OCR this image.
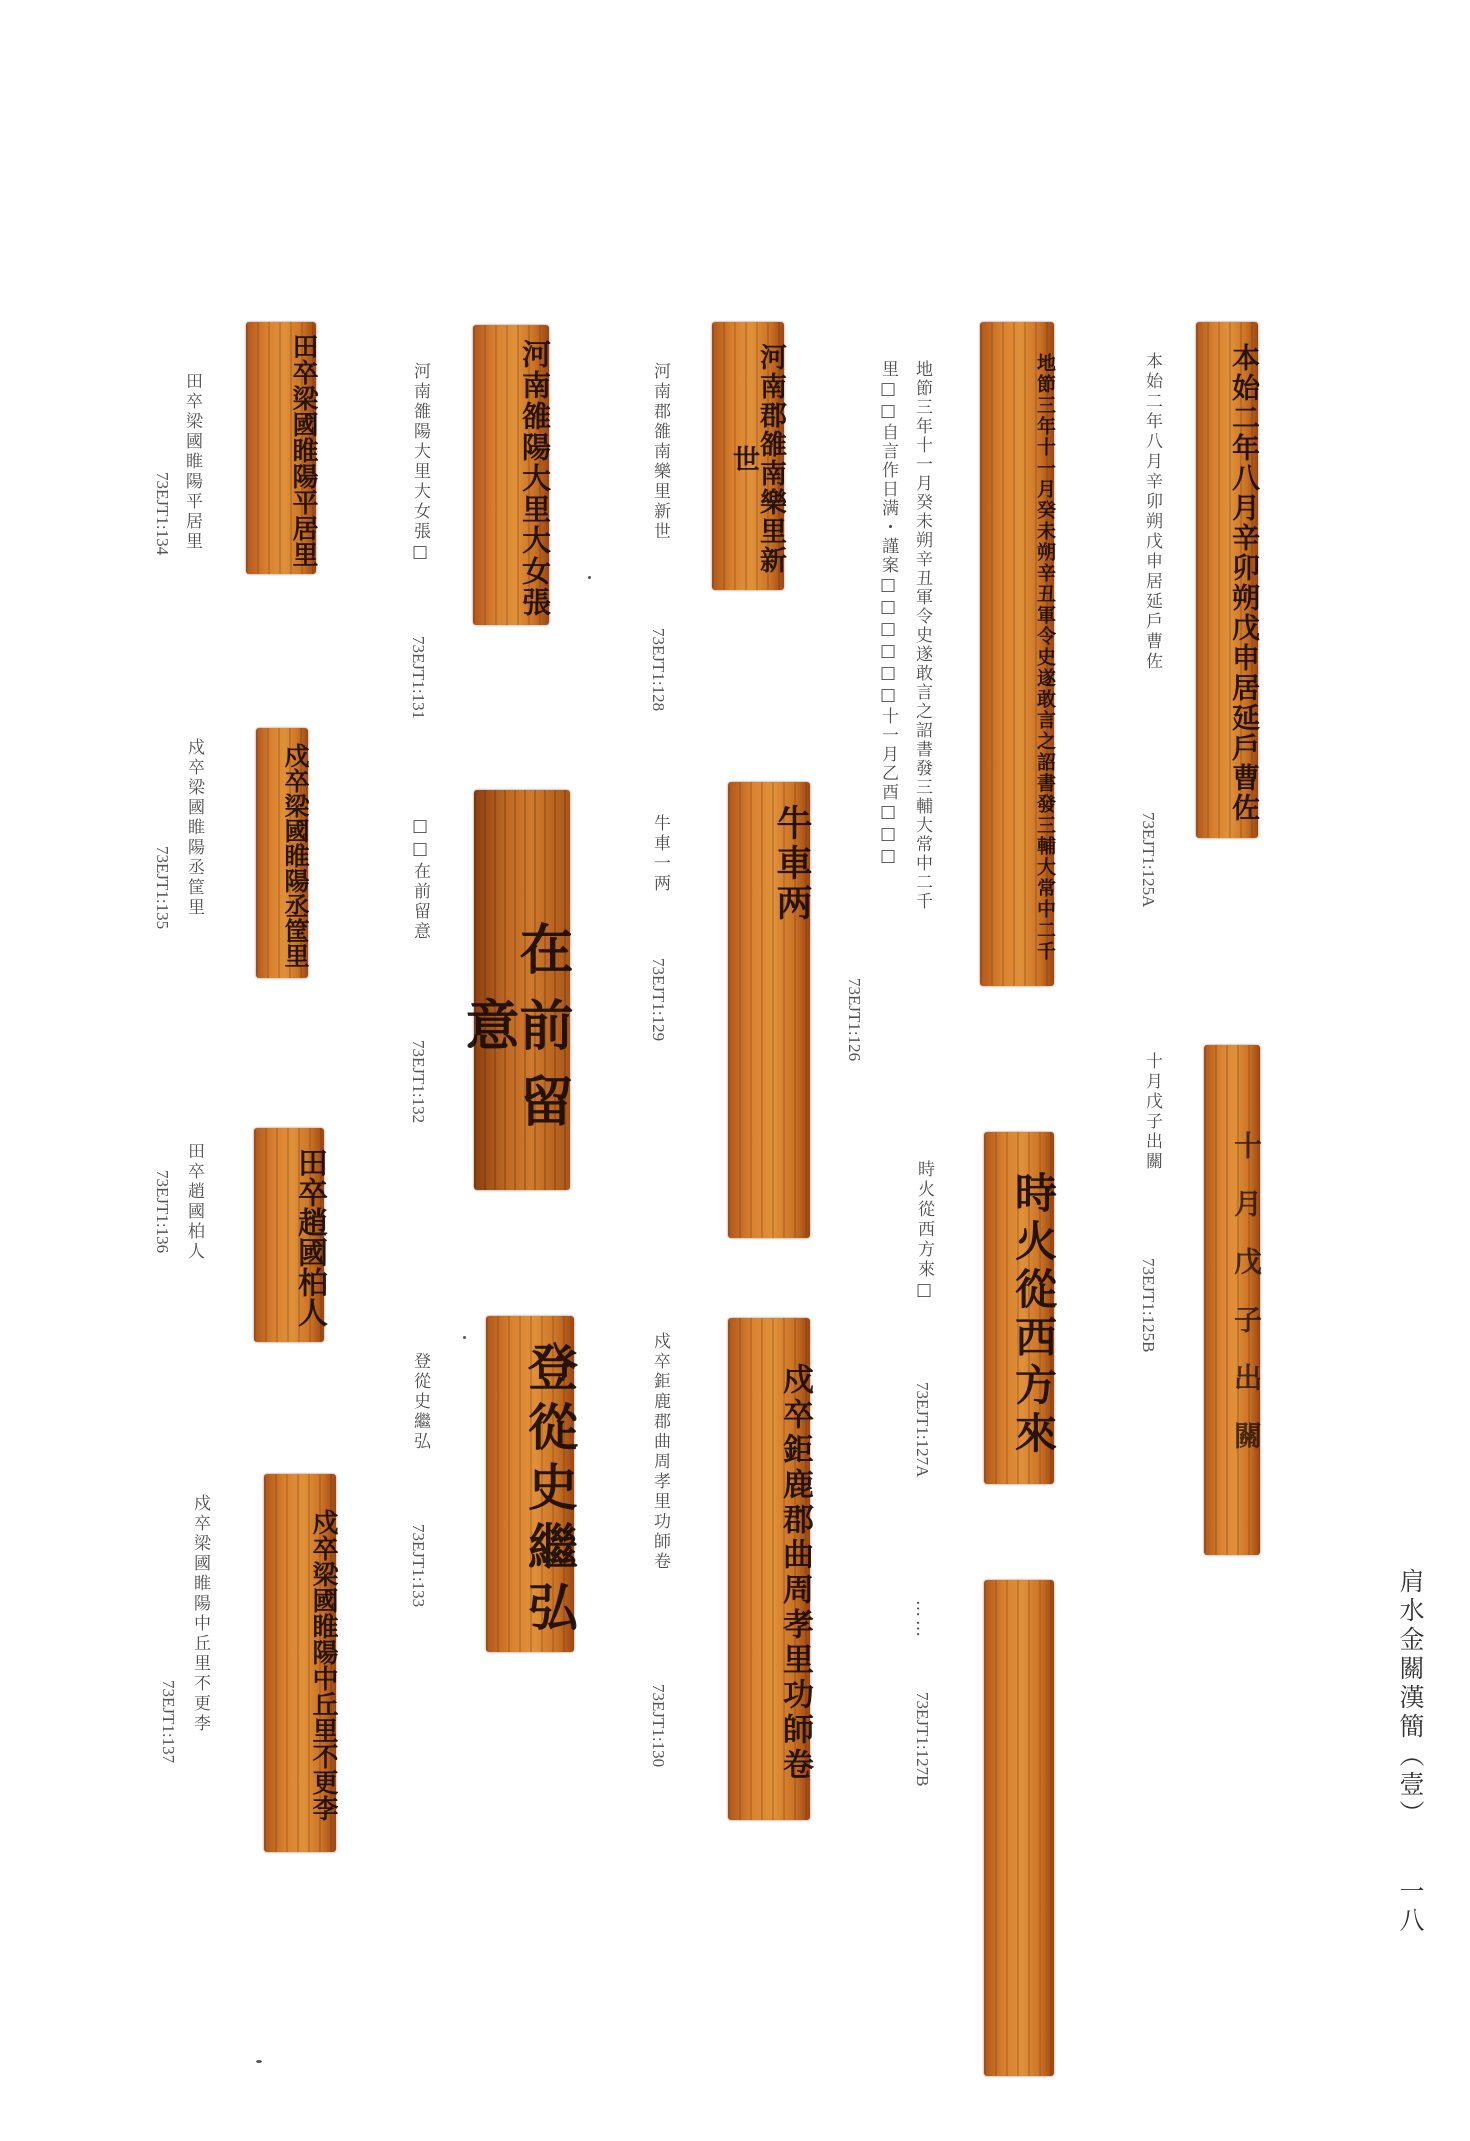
肩水金關漢簡（壹）
一八
本始二年八月辛卯朔戊申居延戶曹佐
本始二年八月辛卯朔戊申居延戶曹佐
73EJT1:125A
十月戊子出關
十月戊子出關
73EJT1:125B
地節三年十一月癸未朔辛丑軍令史遂敢言之詔書發三輔大常中二千
地節三年十一月癸未朔辛丑軍令史遂敢言之詔書發三輔大常中二千
里□□自言作日满・謹案□□□□□□十一月乙酉□□□
73EJT1:126
時火從西方來
時火從西方來□
73EJT1:127A
……
73EJT1:127B
河南郡雒南樂里新世
河南郡雒南樂里新世
73EJT1:128
牛車两
牛車一两
73EJT1:129
戍卒鉅鹿郡曲周孝里功師卷
戍卒鉅鹿郡曲周孝里功師卷
73EJT1:130
河南雒陽大里大女張
河南雒陽大里大女張□
73EJT1:131
在前留意
□□在前留意
73EJT1:132
登從史繼弘
登從史繼弘
73EJT1:133
田卒梁國睢陽平居里
田卒梁國睢陽平居里
73EJT1:134
戍卒梁國睢陽丞筐里
戍卒梁國睢陽丞筐里
73EJT1:135
田卒趙國柏人
田卒趙國柏人
73EJT1:136
戍卒梁國睢陽中丘里不更李
戍卒梁國睢陽中丘里不更李
73EJT1:137
